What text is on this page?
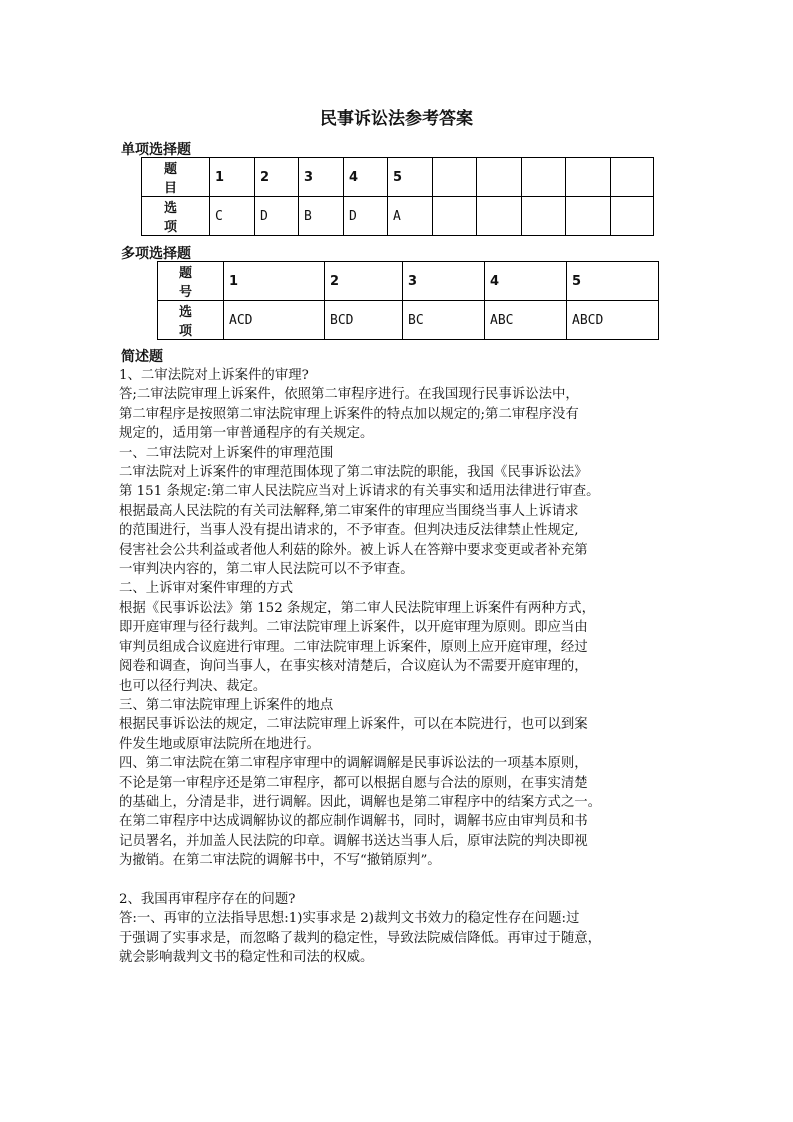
民事诉讼法参考答案
单项选择题
题　目	1	2	3	4	5					
选　项	C	D	B	D	A					
多项选择题
题　号	1	2	3	4	5
选　项	ACD	BCD	BC	ABC	ABCD
简述题
1、二审法院对上诉案件的审理?
答;二审法院审理上诉案件，依照第二审程序进行。在我国现行民事诉讼法中，
第二审程序是按照第二审法院审理上诉案件的特点加以规定的;第二审程序没有
规定的，适用第一审普通程序的有关规定。
一、二审法院对上诉案件的审理范围
二审法院对上诉案件的审理范围体现了第二审法院的职能，我国《民事诉讼法》
第 151 条规定:第二审人民法院应当对上诉请求的有关事实和适用法律进行审查。
根据最高人民法院的有关司法解释,第二审案件的审理应当围绕当事人上诉请求
的范围进行，当事人没有提出请求的，不予审查。但判决违反法律禁止性规定,
侵害社会公共利益或者他人利菇的除外。被上诉人在答辩中要求变更或者补充第
一审判决内容的，第二审人民法院可以不予审查。
二、上诉审对案件审理的方式
根据《民事诉讼法》第 152 条规定，第二审人民法院审理上诉案件有两种方式，
即开庭审理与径行裁判。二审法院审理上诉案件，以开庭审理为原则。即应当由
审判员组成合议庭进行审理。二审法院审理上诉案件，原则上应开庭审理，经过
阅卷和调查，询问当事人，在事实核对清楚后，合议庭认为不需要开庭审理的，
也可以径行判决、裁定。
三、第二审法院审理上诉案件的地点
根据民事诉讼法的规定，二审法院审理上诉案件，可以在本院进行，也可以到案
件发生地或原审法院所在地进行。
四、第二审法院在第二审程序审理中的调解调解是民事诉讼法的一项基本原则，
不论是第一审程序还是第二审程序，都可以根据自愿与合法的原则，在事实清楚
的基础上，分清是非，进行调解。因此，调解也是第二审程序中的结案方式之一。
在第二审程序中达成调解协议的都应制作调解书，同时，调解书应由审判员和书
记员署名，并加盖人民法院的印章。调解书送达当事人后，原审法院的判决即视
为撤销。在第二审法院的调解书中，不写“撤销原判”。
2、我国再审程序存在的问题?
答:一、再审的立法指导思想:1)实事求是 2)裁判文书效力的稳定性存在问题:过
于强调了实事求是，而忽略了裁判的稳定性，导致法院威信降低。再审过于随意，
就会影响裁判文书的稳定性和司法的权威。
